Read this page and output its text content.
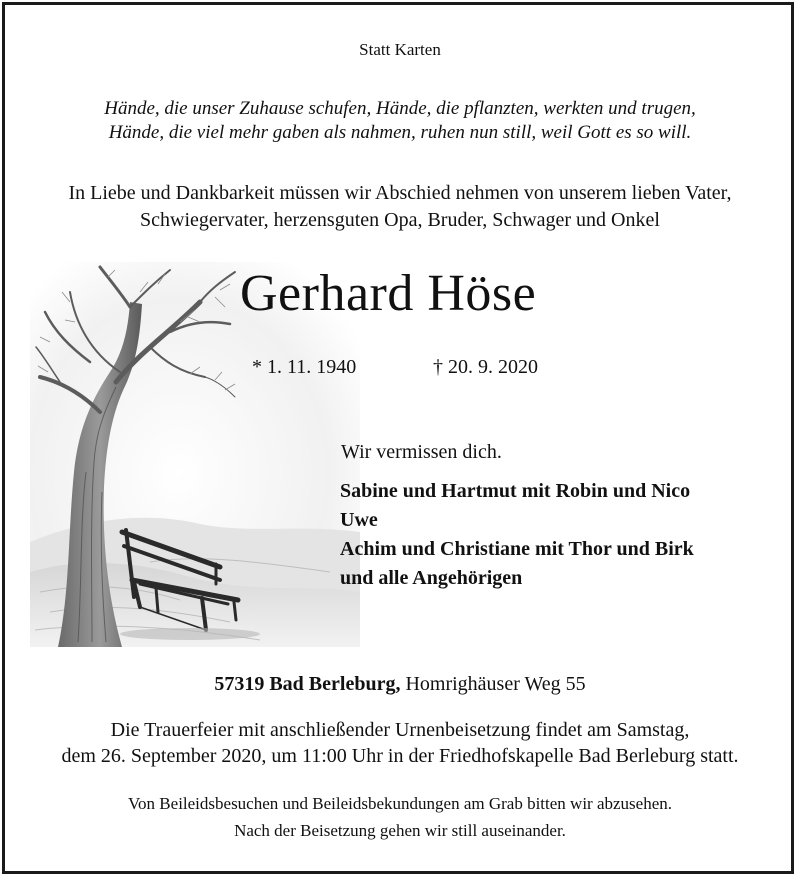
Statt Karten
Hände, die unser Zuhause schufen, Hände, die pflanzten, werkten und trugen,
Hände, die viel mehr gaben als nahmen, ruhen nun still, weil Gott es so will.
In Liebe und Dankbarkeit müssen wir Abschied nehmen von unserem lieben Vater,
Schwiegervater, herzensguten Opa, Bruder, Schwager und Onkel
Gerhard Höse
* 1. 11. 1940	† 20. 9. 2020
Wir vermissen dich.
Sabine und Hartmut mit Robin und Nico
Uwe
Achim und Christiane mit Thor und Birk
und alle Angehörigen
57319 Bad Berleburg, Homrighäuser Weg 55
Die Trauerfeier mit anschließender Urnenbeisetzung findet am Samstag,
dem 26. September 2020, um 11:00 Uhr in der Friedhofskapelle Bad Berleburg statt.
Von Beileidsbesuchen und Beileidsbekundungen am Grab bitten wir abzusehen.
Nach der Beisetzung gehen wir still auseinander.
